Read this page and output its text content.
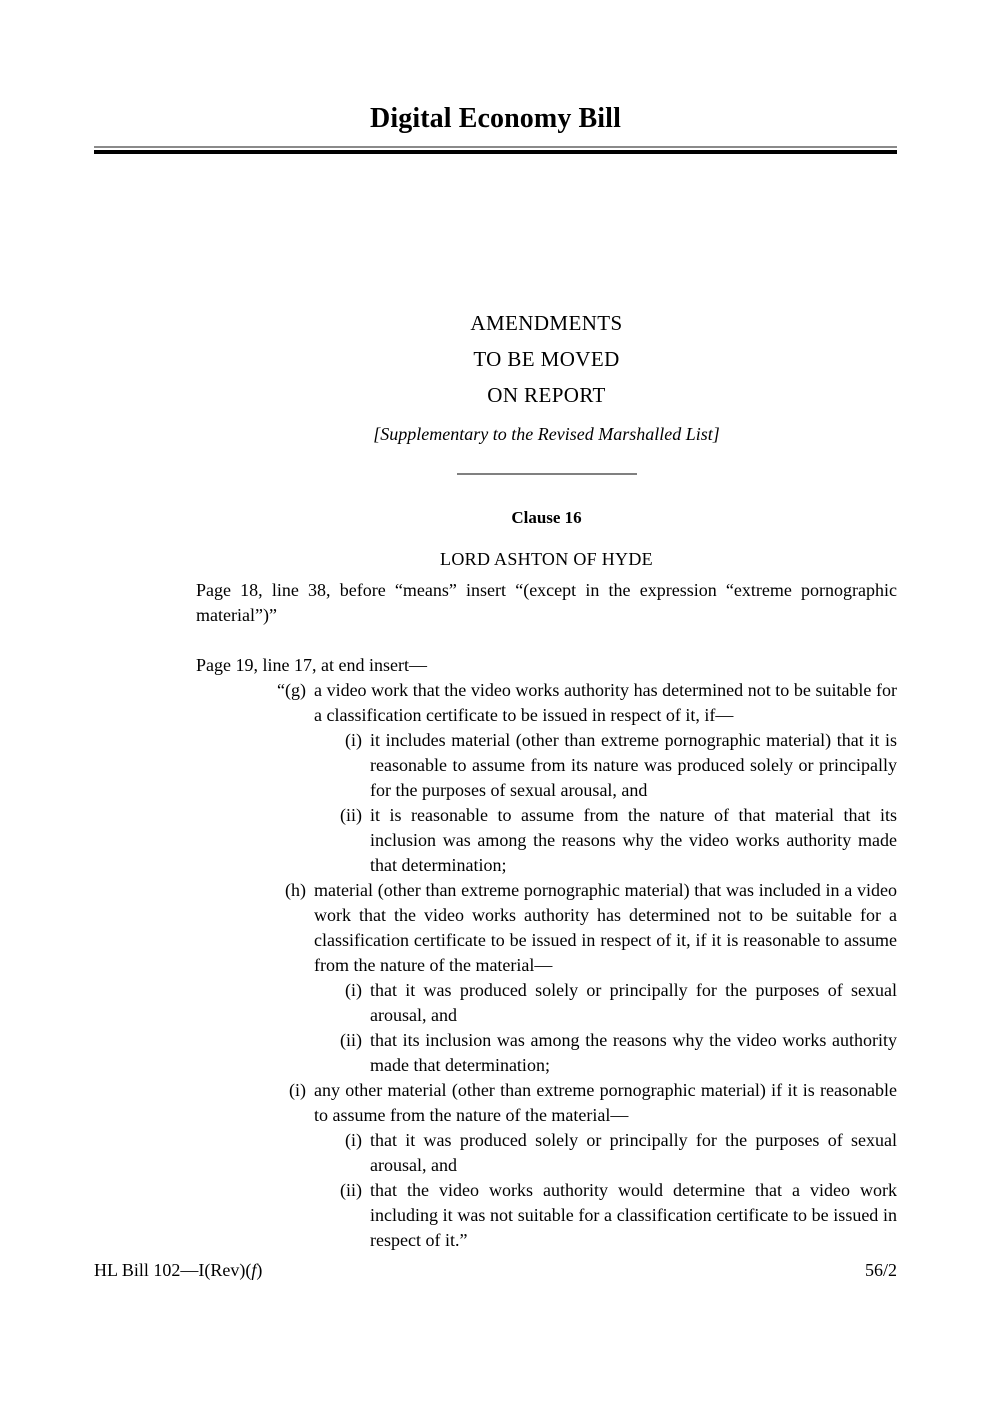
Digital Economy Bill

AMENDMENTS

TO BE MOVED

ON REPORT

[Supplementary to the Revised Marshalled List]

Clause 16
LORD ASHTON OF HYDE

Page 18, line 38, before “means” insert “(except in the expression “extreme pornographic material”)”

Page 19, line 17, at end insert—

“(g) a video work that the video works authority has determined not to be suitable for a classification certificate to be issued in respect of it, if—
(i) it includes material (other than extreme pornographic material) that it is reasonable to assume from its nature was produced solely or principally for the purposes of sexual arousal, and
(ii) it is reasonable to assume from the nature of that material that its inclusion was among the reasons why the video works authority made that determination;
(h) material (other than extreme pornographic material) that was included in a video work that the video works authority has determined not to be suitable for a classification certificate to be issued in respect of it, if it is reasonable to assume from the nature of the material—
(i) that it was produced solely or principally for the purposes of sexual arousal, and
(ii) that its inclusion was among the reasons why the video works authority made that determination;
(i) any other material (other than extreme pornographic material) if it is reasonable to assume from the nature of the material—
(i) that it was produced solely or principally for the purposes of sexual arousal, and
(ii) that the video works authority would determine that a video work including it was not suitable for a classification certificate to be issued in respect of it.”
HL Bill 102—I(Rev)(f)	56/2
